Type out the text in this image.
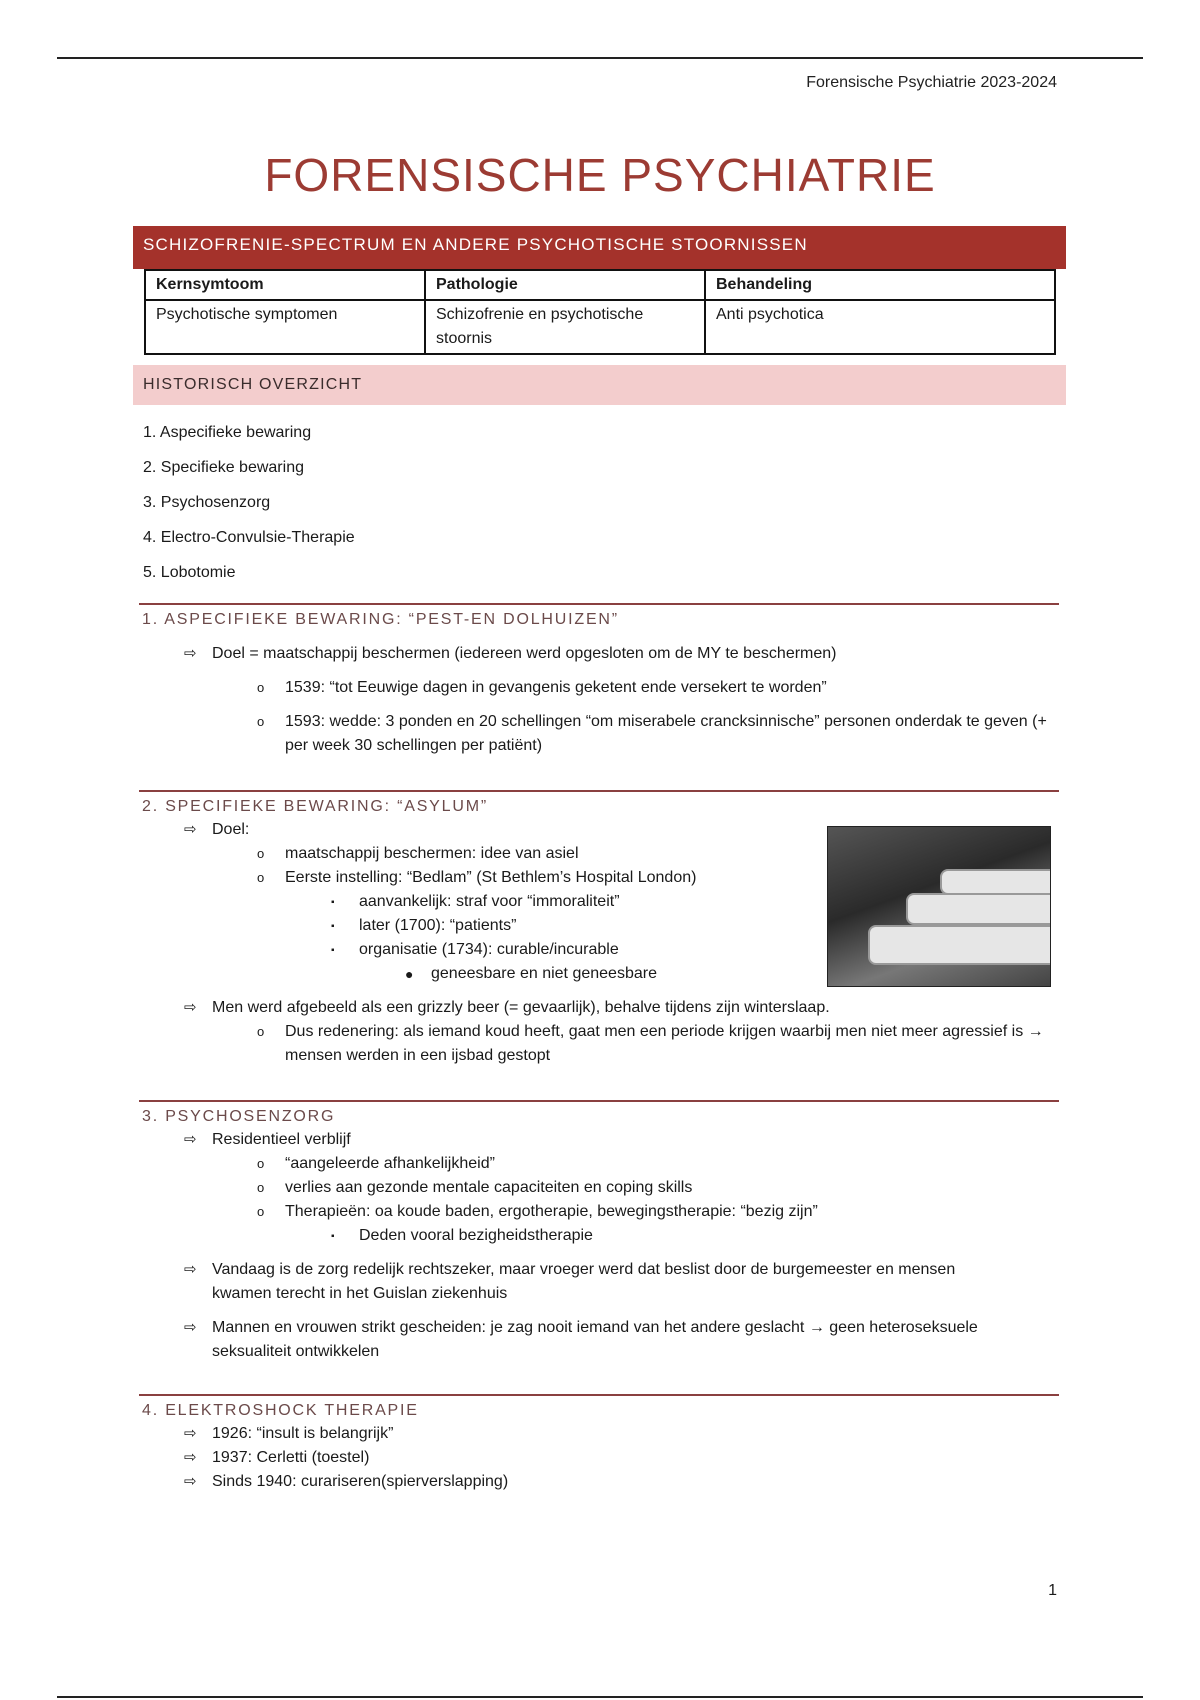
Forensische Psychiatrie 2023-2024
FORENSISCHE PSYCHIATRIE
SCHIZOFRENIE-SPECTRUM EN ANDERE PSYCHOTISCHE STOORNISSEN
Kernsymtoom	Pathologie	Behandeling
Psychotische symptomen	Schizofrenie en psychotische stoornis	Anti psychotica
HISTORISCH OVERZICHT
1. Aspecifieke bewaring
2. Specifieke bewaring
3. Psychosenzorg
4. Electro-Convulsie-Therapie
5. Lobotomie
1. ASPECIFIEKE BEWARING: “PEST-EN DOLHUIZEN”
⇨ Doel = maatschappij beschermen (iedereen werd opgesloten om de MY te beschermen)
o 1539: “tot Eeuwige dagen in gevangenis geketent ende versekert te worden”
o 1593: wedde: 3 ponden en 20 schellingen “om miserabele crancksinnische” personen onderdak te geven (+ per week 30 schellingen per patiënt)
2. SPECIFIEKE BEWARING: “ASYLUM”
⇨ Doel:
o maatschappij beschermen: idee van asiel
o Eerste instelling: “Bedlam” (St Bethlem’s Hospital London)
▪ aanvankelijk: straf voor “immoraliteit”
▪ later (1700): “patients”
▪ organisatie (1734): curable/incurable
● geneesbare en niet geneesbare
⇨ Men werd afgebeeld als een grizzly beer (= gevaarlijk), behalve tijdens zijn winterslaap.
o Dus redenering: als iemand koud heeft, gaat men een periode krijgen waarbij men niet meer agressief is → mensen werden in een ijsbad gestopt
3. PSYCHOSENZORG
⇨ Residentieel verblijf
o “aangeleerde afhankelijkheid”
o verlies aan gezonde mentale capaciteiten en coping skills
o Therapieën: oa koude baden, ergotherapie, bewegingstherapie: “bezig zijn”
▪ Deden vooral bezigheidstherapie
⇨ Vandaag is de zorg redelijk rechtszeker, maar vroeger werd dat beslist door de burgemeester en mensen kwamen terecht in het Guislan ziekenhuis
⇨ Mannen en vrouwen strikt gescheiden: je zag nooit iemand van het andere geslacht → geen heteroseksuele seksualiteit ontwikkelen
4. ELEKTROSHOCK THERAPIE
⇨ 1926: “insult is belangrijk”
⇨ 1937: Cerletti (toestel)
⇨ Sinds 1940: curariseren(spierverslapping)
1
